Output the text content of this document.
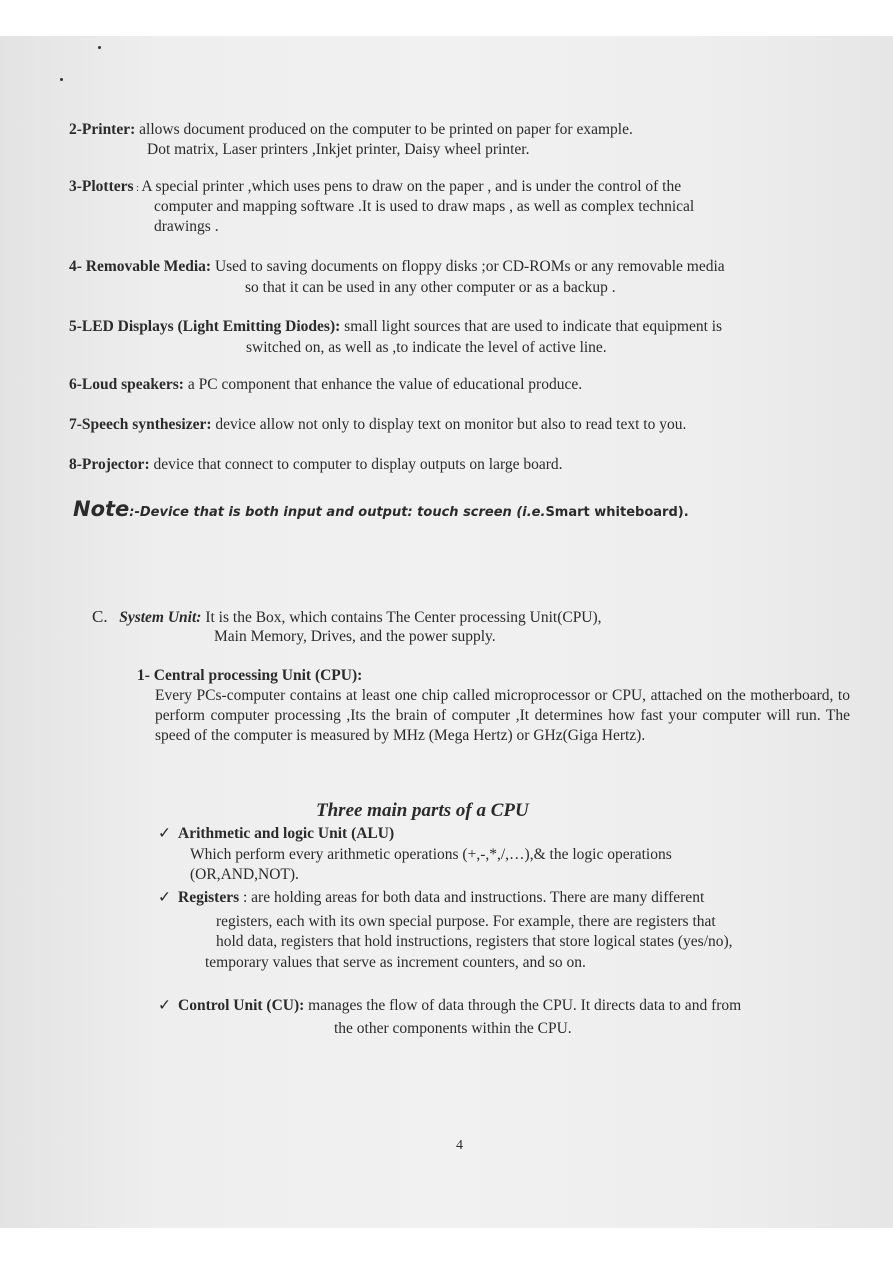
2-Printer: allows document produced on the computer to be printed on paper for example.
Dot matrix, Laser printers ,Inkjet printer, Daisy wheel printer.
3-Plotters : A special printer ,which uses pens to draw on the paper , and is under the control of the
computer and mapping software .It is used to draw maps , as well as complex technical
drawings .
4- Removable Media: Used to saving documents on floppy disks ;or CD-ROMs or any removable media
so that it can be used in any other computer or as a backup .
5-LED Displays (Light Emitting Diodes): small light sources that are used to indicate that equipment is
switched on, as well as ,to indicate the level of active line.
6-Loud speakers: a PC component that enhance the value of educational produce.
7-Speech synthesizer: device allow not only to display text on monitor but also to read text to you.
8-Projector: device that connect to computer to display outputs on large board.
Note:-Device that is both input and output: touch screen (i.e.Smart whiteboard).
C. System Unit: It is the Box, which contains The Center processing Unit(CPU),
Main Memory, Drives, and the power supply.
1- Central processing Unit (CPU):
Every PCs-computer contains at least one chip called microprocessor or CPU, attached on the motherboard, to perform computer processing ,Its the brain of computer ,It determines how fast your computer will run. The speed of the computer is measured by MHz (Mega Hertz) or GHz(Giga Hertz).
Three main parts of a CPU
✓ Arithmetic and logic Unit (ALU)
Which perform every arithmetic operations (+,-,*,/,…),& the logic operations
(OR,AND,NOT).
✓ Registers : are holding areas for both data and instructions. There are many different
registers, each with its own special purpose. For example, there are registers that
hold data, registers that hold instructions, registers that store logical states (yes/no),
temporary values that serve as increment counters, and so on.
✓ Control Unit (CU): manages the flow of data through the CPU. It directs data to and from
the other components within the CPU.
4
